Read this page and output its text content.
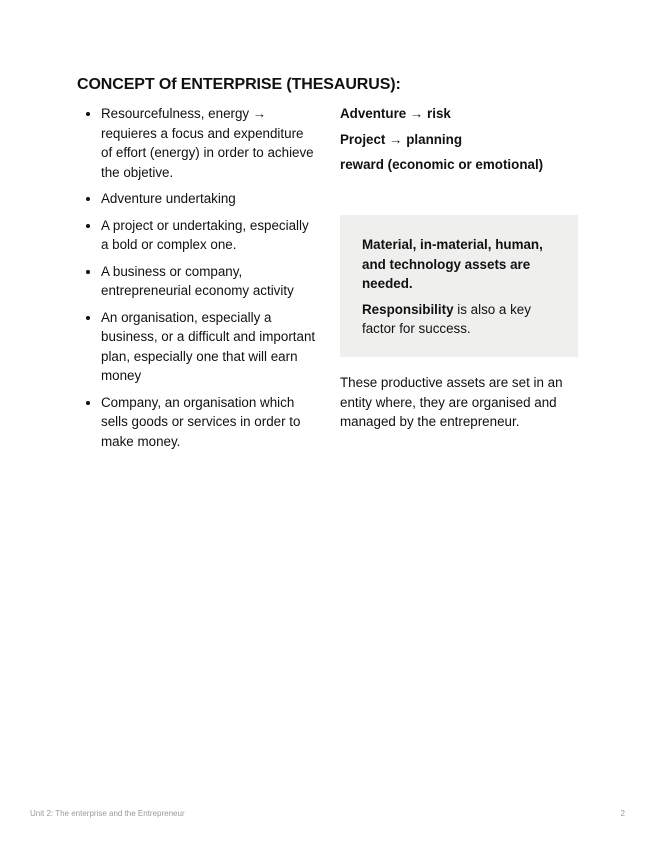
CONCEPT Of ENTERPRISE (THESAURUS):
Resourcefulness, energy → requieres a focus and expenditure of effort (energy) in order to achieve the objetive.
Adventure undertaking
A project or undertaking, especially a bold or complex one.
A business or company, entrepreneurial economy activity
An organisation, especially a business, or a difficult and important plan, especially one that will earn money
Company, an organisation which sells goods or services in order to make money.

Adventure → risk

Project → planning

reward (economic or emotional)

Material, in-material, human, and technology assets are needed.

Responsibility is also a key factor for success.

These productive assets are set in an entity where, they are organised and managed by the entrepreneur.

Unit 2: The enterprise and the Entrepreneur	2
